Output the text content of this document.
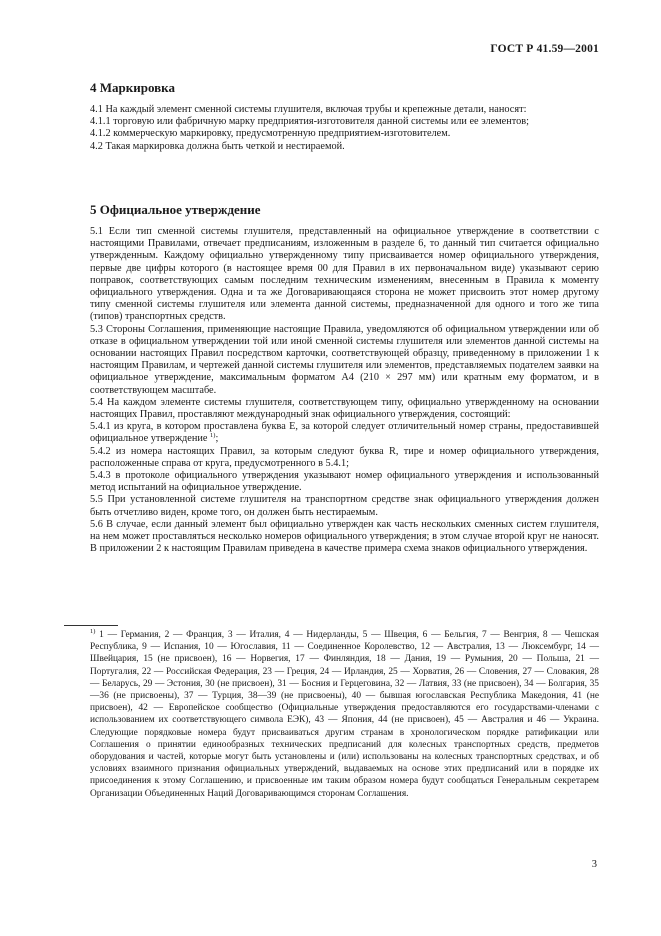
ГОСТ Р 41.59—2001
4 Маркировка

4.1 На каждый элемент сменной системы глушителя, включая трубы и крепежные детали, наносят:

4.1.1 торговую или фабричную марку предприятия-изготовителя данной системы или ее элементов;

4.1.2 коммерческую маркировку, предусмотренную предприятием-изготовителем.

4.2 Такая маркировка должна быть четкой и нестираемой.

5 Официальное утверждение

5.1 Если тип сменной системы глушителя, представленный на официальное утверждение в соответствии с настоящими Правилами, отвечает предписаниям, изложенным в разделе 6, то данный тип считается официально утвержденным. Каждому официально утвержденному типу присваивается номер официального утверждения, первые две цифры которого (в настоящее время 00 для Правил в их первоначальном виде) указывают серию поправок, соответствующих самым последним техническим изменениям, внесенным в Правила к моменту официального утверждения. Одна и та же Договаривающаяся сторона не может присвоить этот номер другому типу сменной системы глушителя или элемента данной системы, предназначенной для одного и того же типа (типов) транспортных средств.

5.3 Стороны Соглашения, применяющие настоящие Правила, уведомляются об официальном утверждении или об отказе в официальном утверждении той или иной сменной системы глушителя или элементов данной системы на основании настоящих Правил посредством карточки, соответствующей образцу, приведенному в приложении 1 к настоящим Правилам, и чертежей данной системы глушителя или элементов, представляемых подателем заявки на официальное утверждение, максимальным форматом А4 (210 × 297 мм) или кратным ему форматом, и в соответствующем масштабе.

5.4 На каждом элементе системы глушителя, соответствующем типу, официально утвержденному на основании настоящих Правил, проставляют международный знак официального утверждения, состоящий:

5.4.1 из круга, в котором проставлена буква Е, за которой следует отличительный номер страны, предоставившей официальное утверждение $^{1)}$;

5.4.2 из номера настоящих Правил, за которым следуют буква R, тире и номер официального утверждения, расположенные справа от круга, предусмотренного в 5.4.1;

5.4.3 в протоколе официального утверждения указывают номер официального утверждения и использованный метод испытаний на официальное утверждение.

5.5 При установленной системе глушителя на транспортном средстве знак официального утверждения должен быть отчетливо виден, кроме того, он должен быть нестираемым.

5.6 В случае, если данный элемент был официально утвержден как часть нескольких сменных систем глушителя, на нем может проставляться несколько номеров официального утверждения; в этом случае второй круг не наносят. В приложении 2 к настоящим Правилам приведена в качестве примера схема знаков официального утверждения.

$^{1)}$ 1 — Германия, 2 — Франция, 3 — Италия, 4 — Нидерланды, 5 — Швеция, 6 — Бельгия, 7 — Венгрия, 8 — Чешская Республика, 9 — Испания, 10 — Югославия, 11 — Соединенное Королевство, 12 — Австралия, 13 — Люксембург, 14 — Швейцария, 15 (не присвоен), 16 — Норвегия, 17 — Финляндия, 18 — Дания, 19 — Румыния, 20 — Польша, 21 — Португалия, 22 — Российская Федерация, 23 — Греция, 24 — Ирландия, 25 — Хорватия, 26 — Словения, 27 — Словакия, 28 — Беларусь, 29 — Эстония, 30 (не присвоен), 31 — Босния и Герцеговина, 32 — Латвия, 33 (не присвоен), 34 — Болгария, 35—36 (не присвоены), 37 — Турция, 38—39 (не присвоены), 40 — бывшая югославская Республика Македония, 41 (не присвоен), 42 — Европейское сообщество (Официальные утверждения предоставляются его государствами-членами с использованием их соответствующего символа ЕЭК), 43 — Япония, 44 (не присвоен), 45 — Австралия и 46 — Украина. Следующие порядковые номера будут присваиваться другим странам в хронологическом порядке ратификации или Соглашения о принятии единообразных технических предписаний для колесных транспортных средств, предметов оборудования и частей, которые могут быть установлены и (или) использованы на колесных транспортных средствах, и об условиях взаимного признания официальных утверждений, выдаваемых на основе этих предписаний или в порядке их присоединения к этому Соглашению, и присвоенные им таким образом номера будут сообщаться Генеральным секретарем Организации Объединенных Наций Договаривающимся сторонам Соглашения.

3
